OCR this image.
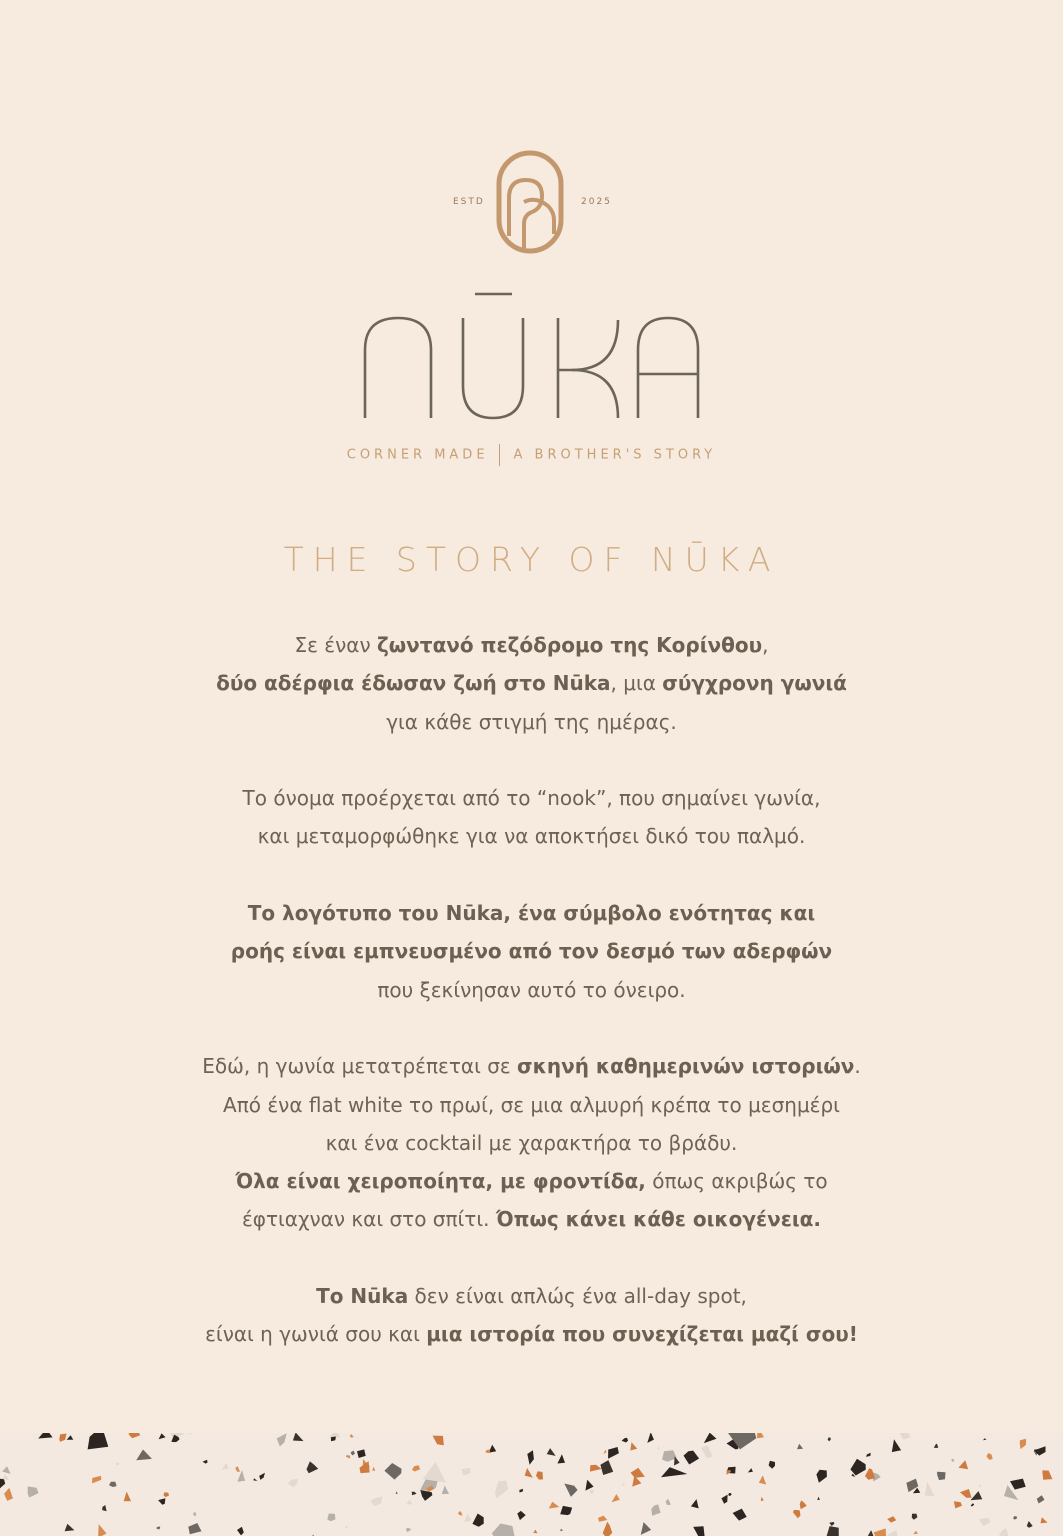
ESTD	2025
CORNER MADE A BROTHER'S STORY
THE STORY OF NŪKA

Σε έναν ζωντανό πεζόδρομο της Κορίνθου,
δύο αδέρφια έδωσαν ζωή στο Nūka, μια σύγχρονη γωνιά
για κάθε στιγμή της ημέρας.

Το όνομα προέρχεται από το “nook”, που σημαίνει γωνία,
και μεταμορφώθηκε για να αποκτήσει δικό του παλμό.

Το λογότυπο του Nūka, ένα σύμβολο ενότητας και
ροής είναι εμπνευσμένο από τον δεσμό των αδερφών
που ξεκίνησαν αυτό το όνειρο.

Εδώ, η γωνία μετατρέπεται σε σκηνή καθημερινών ιστοριών.
Από ένα flat white το πρωί, σε μια αλμυρή κρέπα το μεσημέρι
και ένα cocktail με χαρακτήρα το βράδυ.
Όλα είναι χειροποίητα, με φροντίδα, όπως ακριβώς το
έφτιαχναν και στο σπίτι. Όπως κάνει κάθε οικογένεια.

Το Nūka δεν είναι απλώς ένα all-day spot,
είναι η γωνιά σου και μια ιστορία που συνεχίζεται μαζί σου!
